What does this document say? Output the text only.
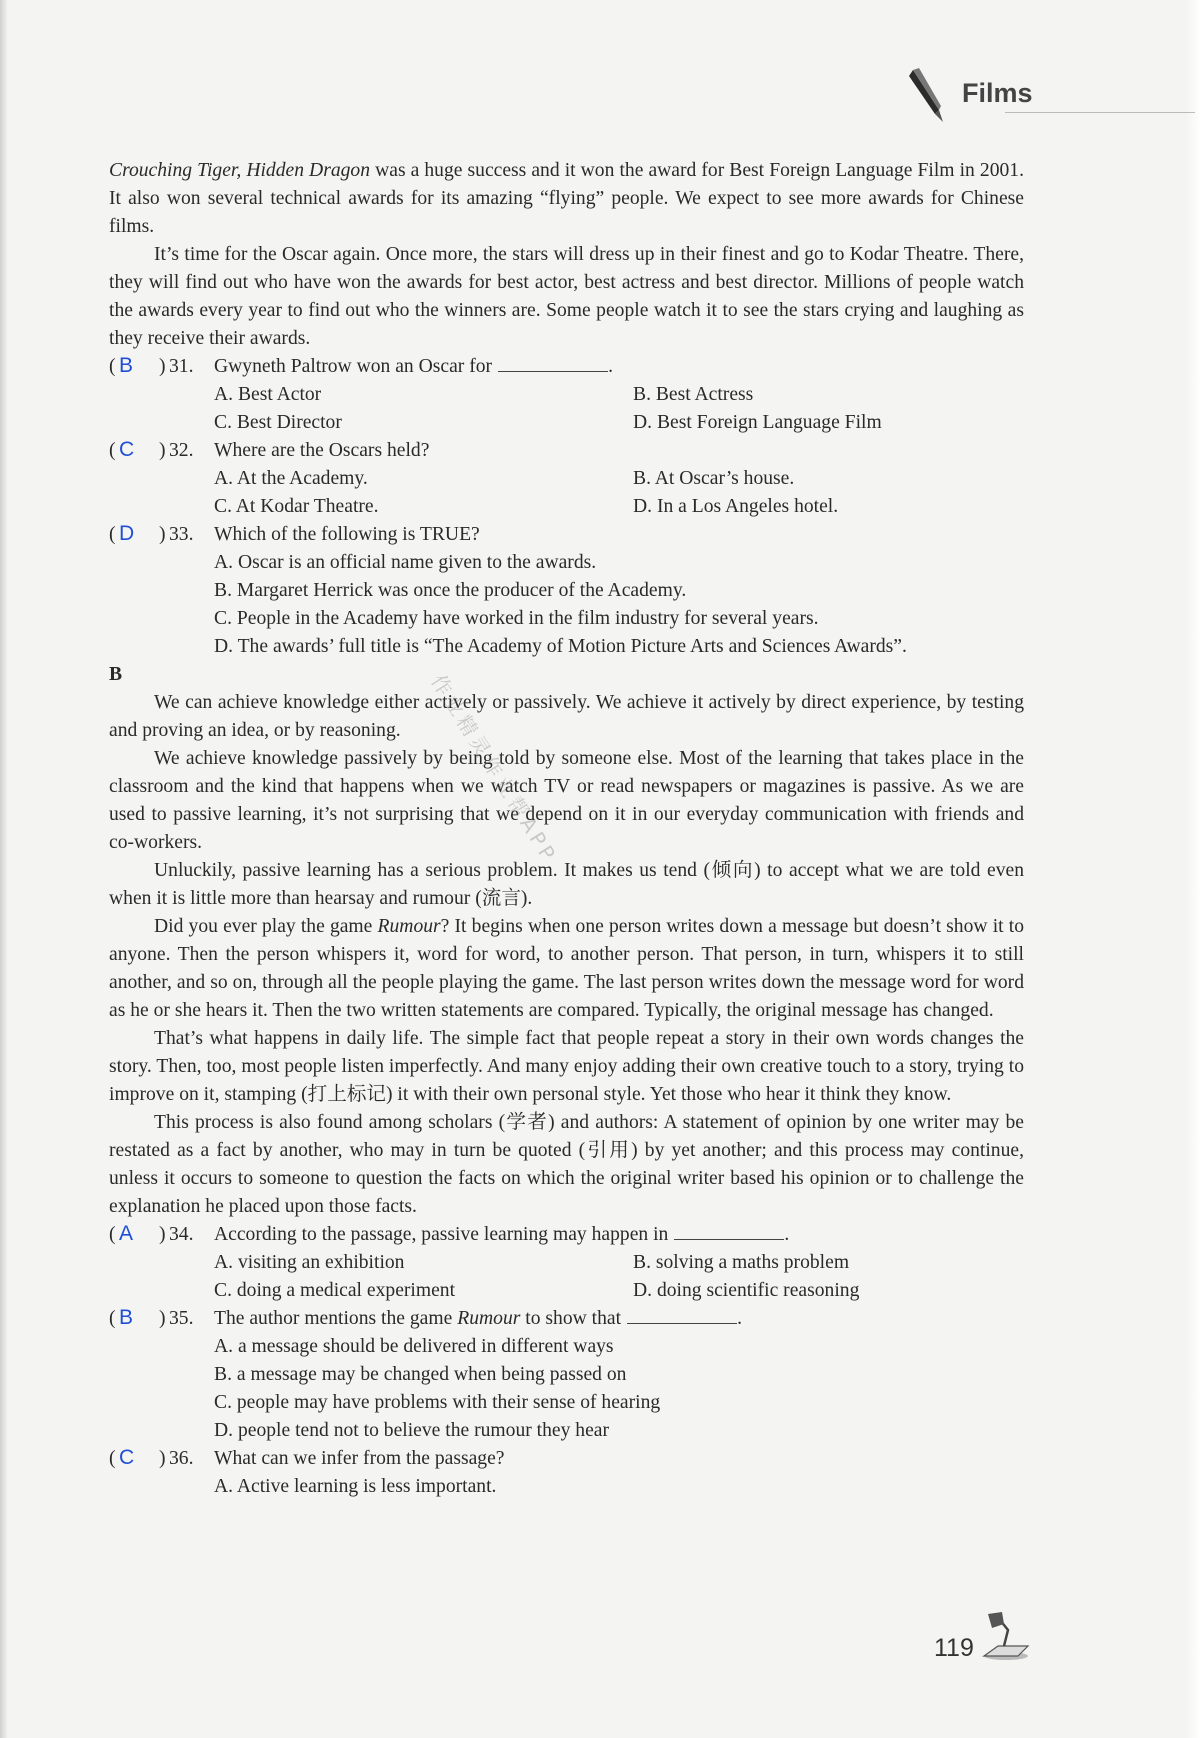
Films

Crouching Tiger, Hidden Dragon was a huge success and it won the award for Best Foreign Language Film in 2001. It also won several technical awards for its amazing “flying” people. We expect to see more awards for Chinese films.

It’s time for the Oscar again. Once more, the stars will dress up in their finest and go to Kodar Theatre. There, they will find out who have won the awards for best actor, best actress and best director. Millions of people watch the awards every year to find out who the winners are. Some people watch it to see the stars crying and laughing as they receive their awards.

( B ) 31. Gwyneth Paltrow won an Oscar for	.
A. Best Actor	B. Best Actress
C. Best Director	D. Best Foreign Language Film
( C ) 32. Where are the Oscars held?
A. At the Academy.	B. At Oscar’s house.
C. At Kodar Theatre.	D. In a Los Angeles hotel.
( D ) 33. Which of the following is TRUE?
A. Oscar is an official name given to the awards.
B. Margaret Herrick was once the producer of the Academy.
C. People in the Academy have worked in the film industry for several years.
D. The awards’ full title is “The Academy of Motion Picture Arts and Sciences Awards”.

B

We can achieve knowledge either actively or passively. We achieve it actively by direct experience, by testing and proving an idea, or by reasoning.

We achieve knowledge passively by being told by someone else. Most of the learning that takes place in the classroom and the kind that happens when we watch TV or read newspapers or magazines is passive. As we are used to passive learning, it’s not surprising that we depend on it in our everyday communication with friends and co-workers.

Unluckily, passive learning has a serious problem. It makes us tend (倾向) to accept what we are told even when it is little more than hearsay and rumour (流言).

Did you ever play the game Rumour? It begins when one person writes down a message but doesn’t show it to anyone. Then the person whispers it, word for word, to another person. That person, in turn, whispers it to still another, and so on, through all the people playing the game. The last person writes down the message word for word as he or she hears it. Then the two written statements are compared. Typically, the original message has changed.

That’s what happens in daily life. The simple fact that people repeat a story in their own words changes the story. Then, too, most people listen imperfectly. And many enjoy adding their own creative touch to a story, trying to improve on it, stamping (打上标记) it with their own personal style. Yet those who hear it think they know.

This process is also found among scholars (学者) and authors: A statement of opinion by one writer may be restated as a fact by another, who may in turn be quoted (引用) by yet another; and this process may continue, unless it occurs to someone to question the facts on which the original writer based his opinion or to challenge the explanation he placed upon those facts.

( A ) 34. According to the passage, passive learning may happen in	.
A. visiting an exhibition	B. solving a maths problem
C. doing a medical experiment	D. doing scientific reasoning
( B ) 35. The author mentions the game Rumour to show that	.
A. a message should be delivered in different ways
B. a message may be changed when being passed on
C. people may have problems with their sense of hearing
D. people tend not to believe the rumour they hear
( C ) 36. What can we infer from the passage?
A. Active learning is less important.
作业精灵作业帮APP
119
